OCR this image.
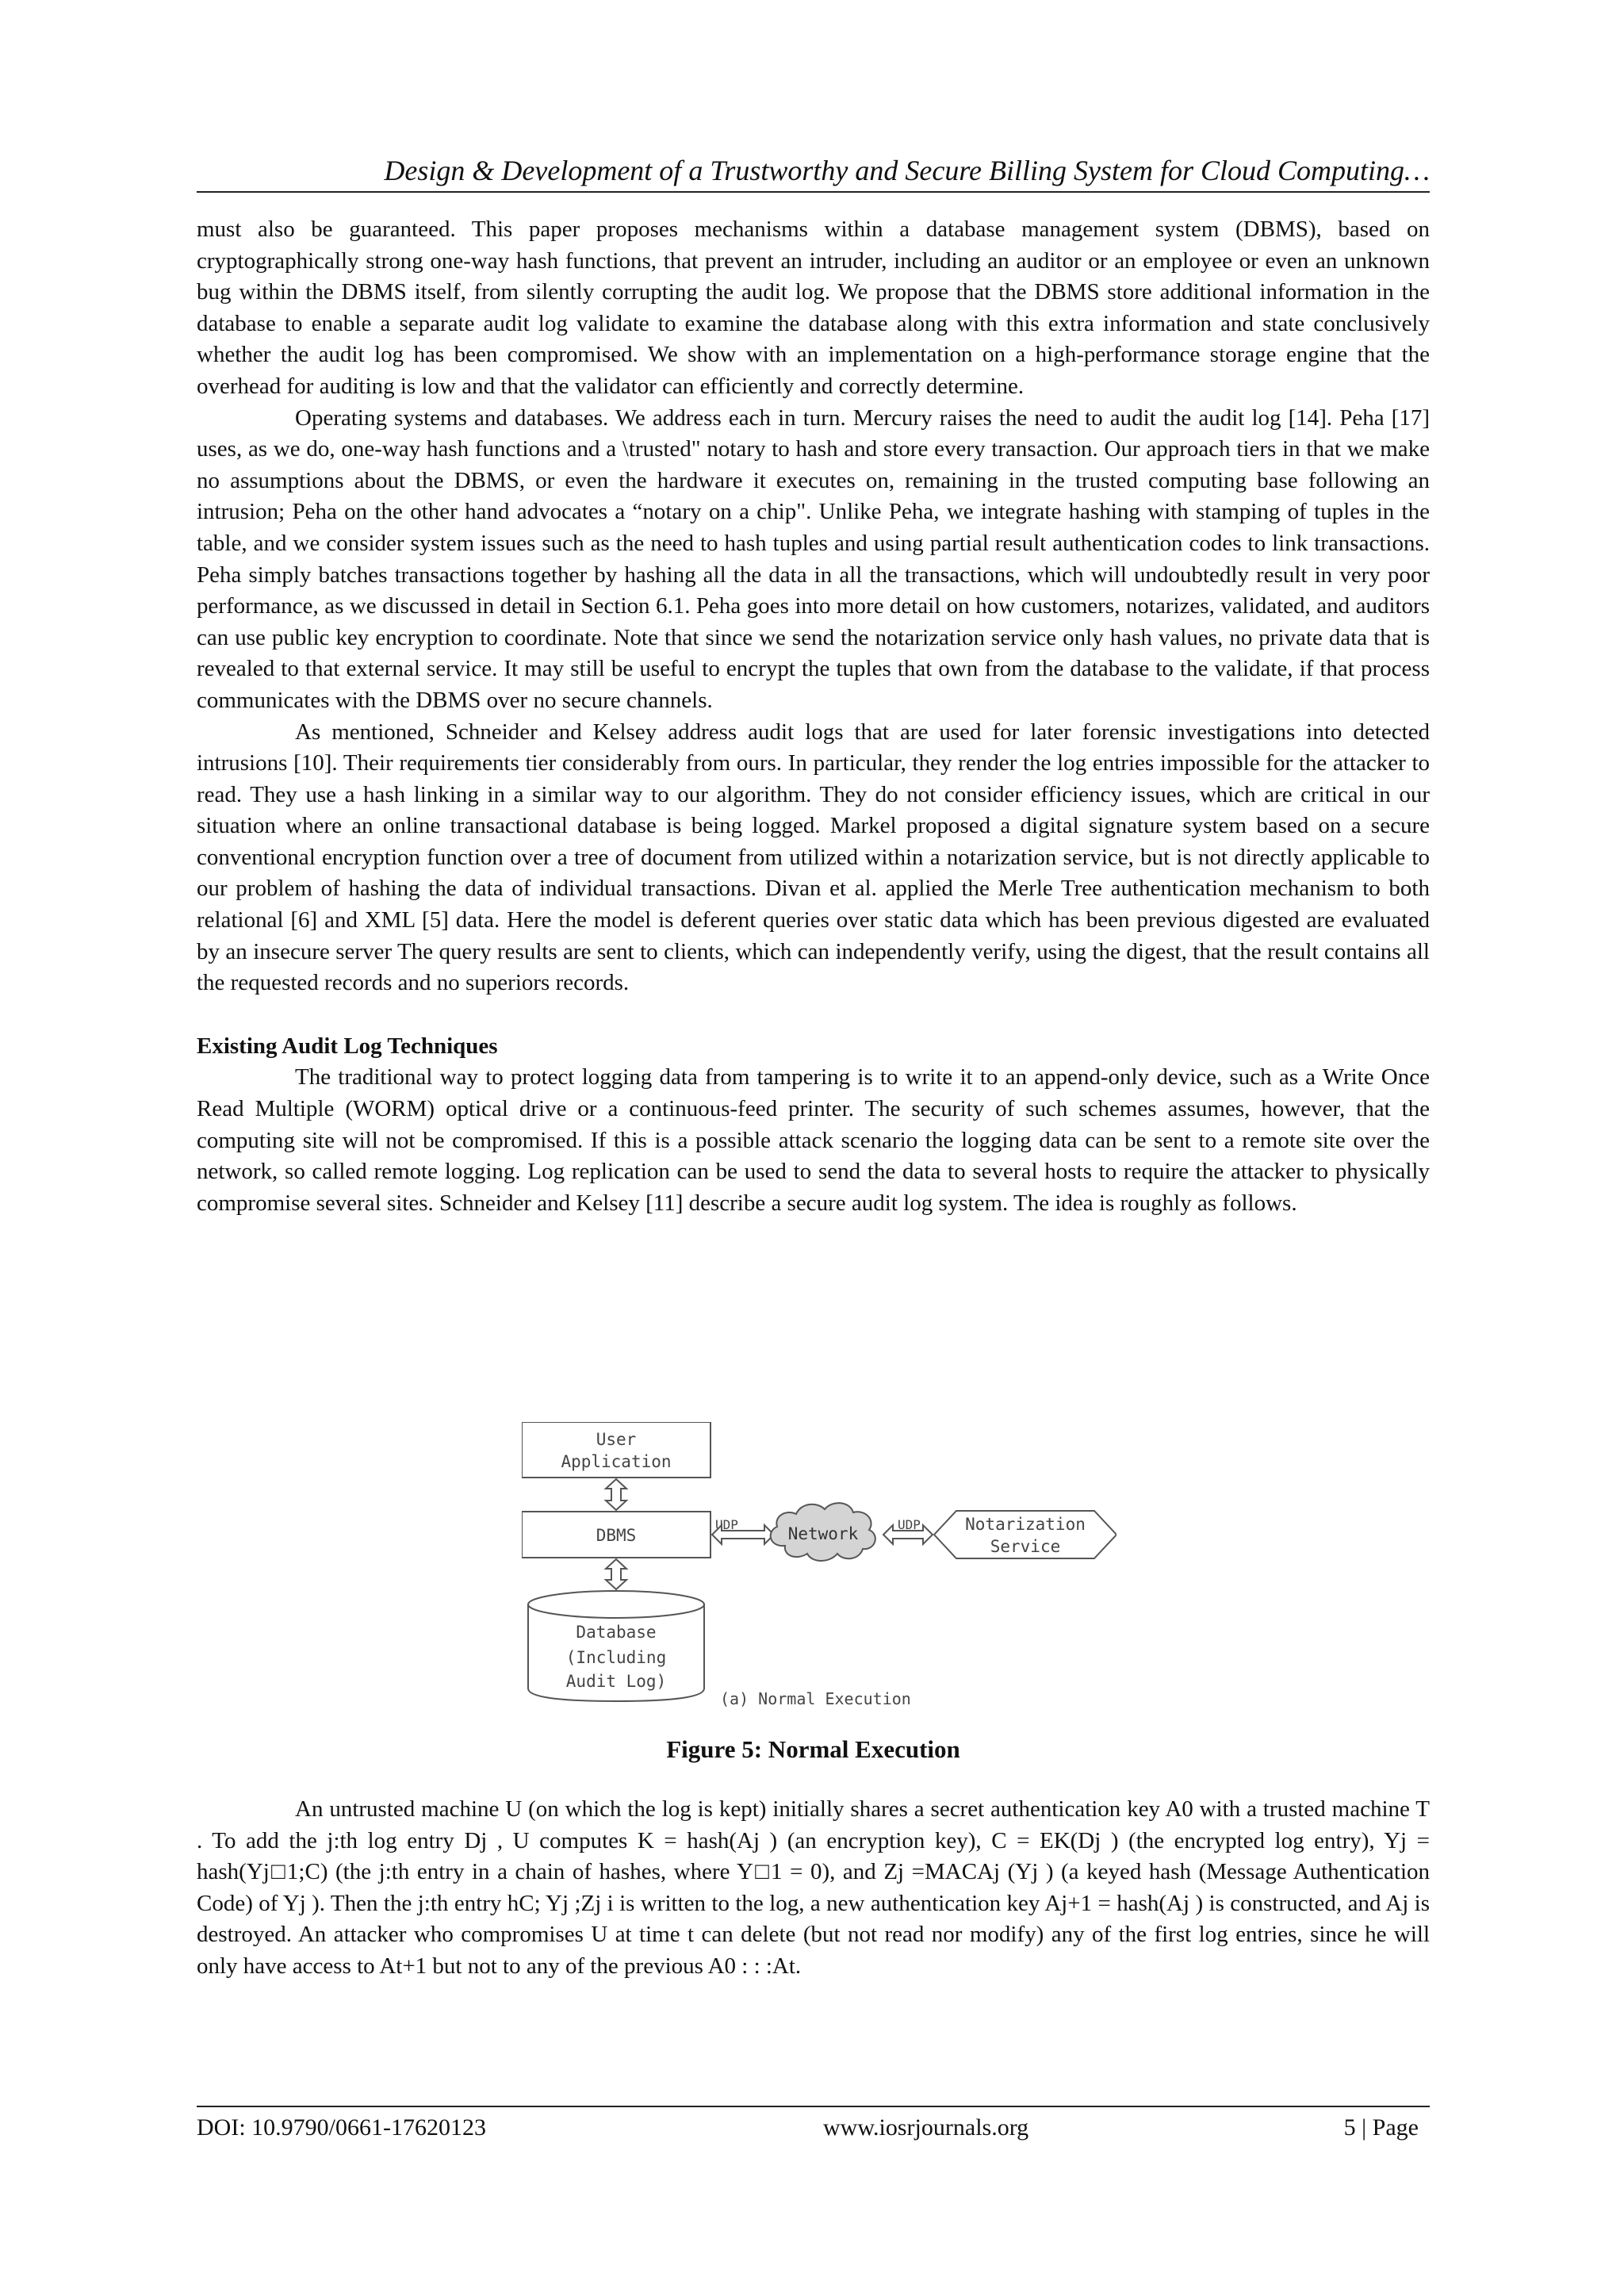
Design & Development of a Trustworthy and Secure Billing System for Cloud Computing…

must also be guaranteed. This paper proposes mechanisms within a database management system (DBMS), based on cryptographically strong one-way hash functions, that prevent an intruder, including an auditor or an employee or even an unknown bug within the DBMS itself, from silently corrupting the audit log. We propose that the DBMS store additional information in the database to enable a separate audit log validate to examine the database along with this extra information and state conclusively whether the audit log has been compromised. We show with an implementation on a high-performance storage engine that the overhead for auditing is low and that the validator can efficiently and correctly determine.

Operating systems and databases. We address each in turn. Mercury raises the need to audit the audit log [14]. Peha [17] uses, as we do, one-way hash functions and a \trusted" notary to hash and store every transaction. Our approach tiers in that we make no assumptions about the DBMS, or even the hardware it executes on, remaining in the trusted computing base following an intrusion; Peha on the other hand advocates a “notary on a chip". Unlike Peha, we integrate hashing with stamping of tuples in the table, and we consider system issues such as the need to hash tuples and using partial result authentication codes to link transactions. Peha simply batches transactions together by hashing all the data in all the transactions, which will undoubtedly result in very poor performance, as we discussed in detail in Section 6.1. Peha goes into more detail on how customers, notarizes, validated, and auditors can use public key encryption to coordinate. Note that since we send the notarization service only hash values, no private data that is revealed to that external service. It may still be useful to encrypt the tuples that own from the database to the validate, if that process communicates with the DBMS over no secure channels.

As mentioned, Schneider and Kelsey address audit logs that are used for later forensic investigations into detected intrusions [10]. Their requirements tier considerably from ours. In particular, they render the log entries impossible for the attacker to read. They use a hash linking in a similar way to our algorithm. They do not consider efficiency issues, which are critical in our situation where an online transactional database is being logged. Markel proposed a digital signature system based on a secure conventional encryption function over a tree of document from utilized within a notarization service, but is not directly applicable to our problem of hashing the data of individual transactions. Divan et al. applied the Merle Tree authentication mechanism to both relational [6] and XML [5] data. Here the model is deferent queries over static data which has been previous digested are evaluated by an insecure server The query results are sent to clients, which can independently verify, using the digest, that the result contains all the requested records and no superiors records.

Existing Audit Log Techniques

The traditional way to protect logging data from tampering is to write it to an append-only device, such as a Write Once Read Multiple (WORM) optical drive or a continuous-feed printer. The security of such schemes assumes, however, that the computing site will not be compromised. If this is a possible attack scenario the logging data can be sent to a remote site over the network, so called remote logging. Log replication can be used to send the data to several hosts to require the attacker to physically compromise several sites. Schneider and Kelsey [11] describe a secure audit log system. The idea is roughly as follows.

User
Application
DBMS
UDP	UDP
Network	Notarization
Service
Database
(Including
Audit Log)
(a) Normal Execution
Figure 5: Normal Execution

An untrusted machine U (on which the log is kept) initially shares a secret authentication key A0 with a trusted machine T . To add the j:th log entry Dj , U computes K = hash(Aj ) (an encryption key), C = EK(Dj ) (the encrypted log entry), Yj = hash(Yj□1;C) (the j:th entry in a chain of hashes, where Y□1 = 0), and Zj =MACAj (Yj ) (a keyed hash (Message Authentication Code) of Yj ). Then the j:th entry hC; Yj ;Zj i is written to the log, a new authentication key Aj+1 = hash(Aj ) is constructed, and Aj is destroyed. An attacker who compromises U at time t can delete (but not read nor modify) any of the first log entries, since he will only have access to At+1 but not to any of the previous A0 : : :At.

DOI: 10.9790/0661-17620123	www.iosrjournals.org	5 | Page
